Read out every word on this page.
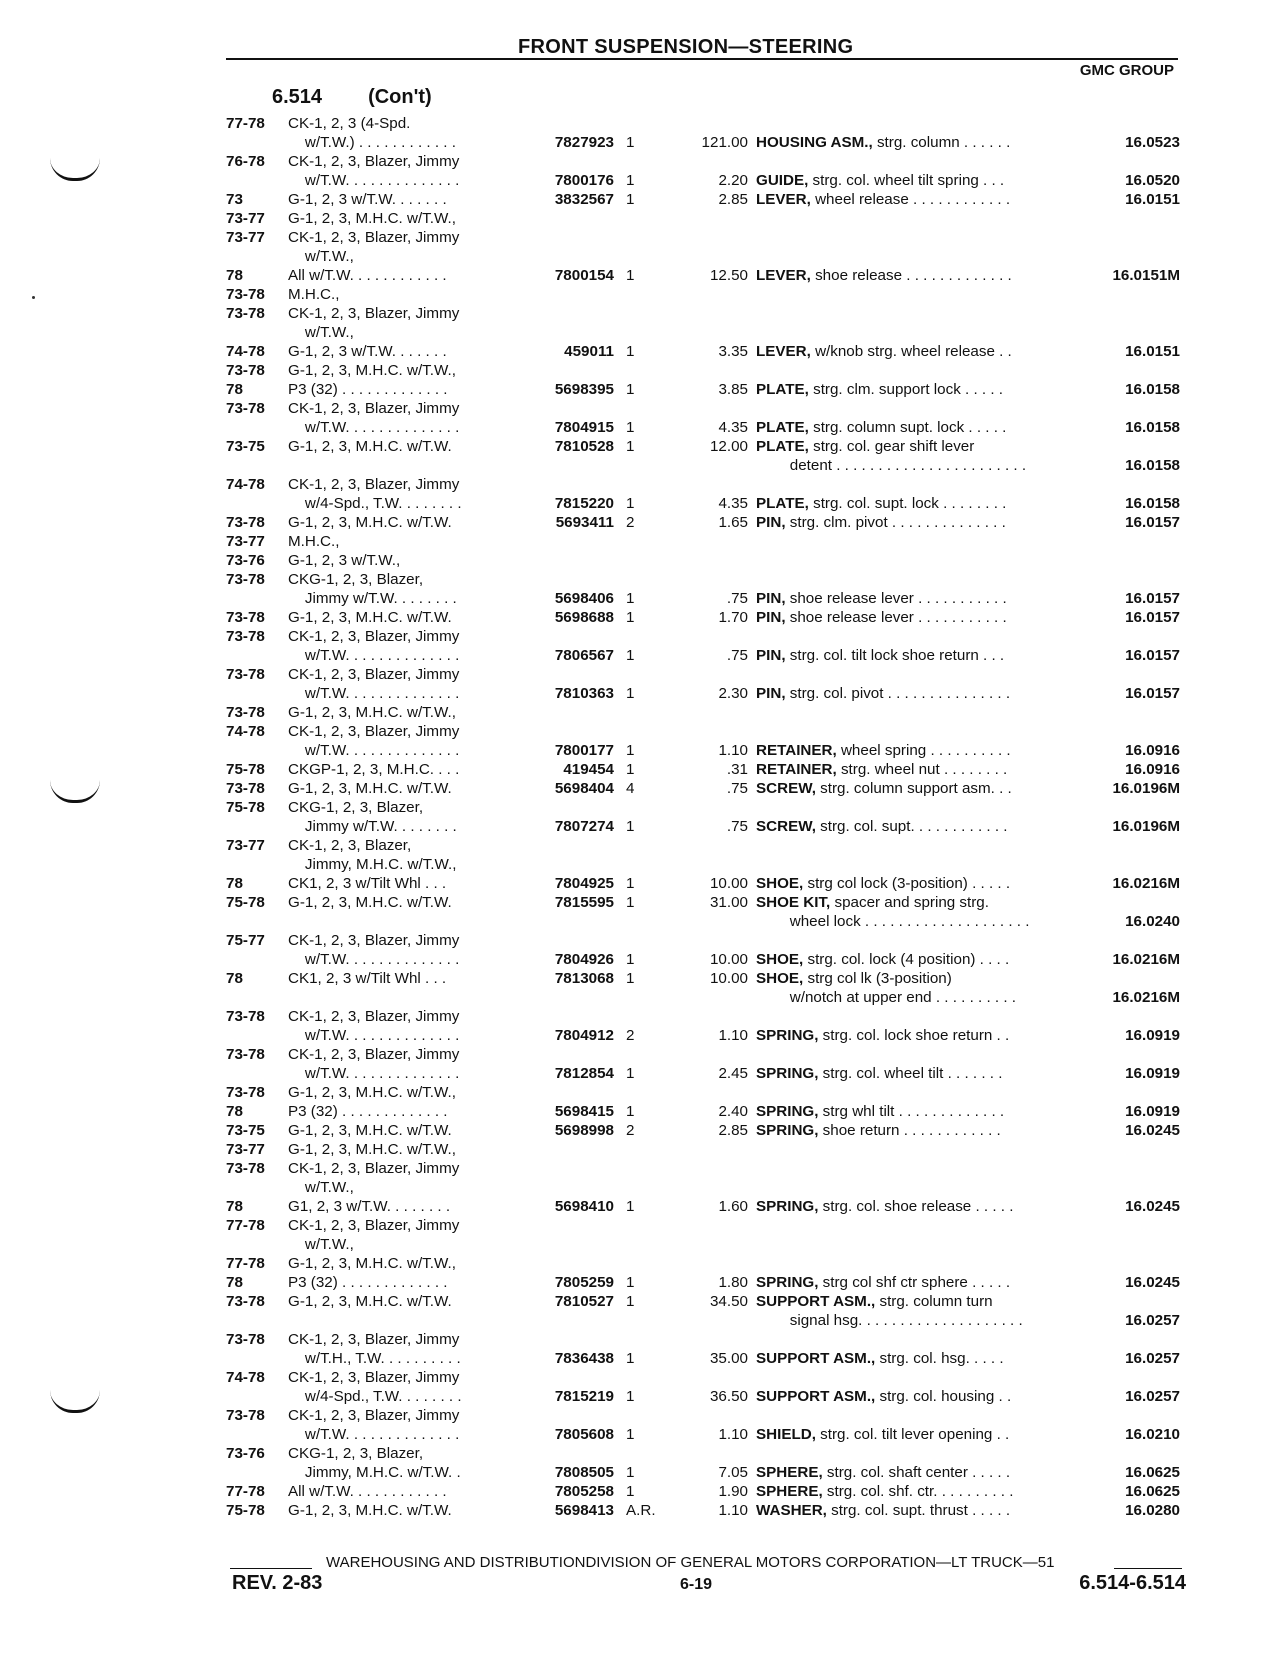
FRONT SUSPENSION—STEERING
GMC GROUP
6.514 (Con't)
77-78 CK-1, 2, 3 (4-Spd.
w/T.W.) . . . . . . . . . . . .	7827923 1	121.00 HOUSING ASM., strg. column . . . . . .	16.0523
76-78 CK-1, 2, 3, Blazer, Jimmy
w/T.W. . . . . . . . . . . . . .	7800176 1	2.20 GUIDE, strg. col. wheel tilt spring . . .	16.0520
73	G-1, 2, 3 w/T.W. . . . . . .	3832567 1	2.85 LEVER, wheel release . . . . . . . . . . . .	16.0151
73-77 G-1, 2, 3, M.H.C. w/T.W.,
73-77 CK-1, 2, 3, Blazer, Jimmy
w/T.W.,
78	All w/T.W. . . . . . . . . . . .	7800154 1	12.50 LEVER, shoe release . . . . . . . . . . . . .	16.0151M
73-78 M.H.C.,
73-78 CK-1, 2, 3, Blazer, Jimmy
w/T.W.,
74-78 G-1, 2, 3 w/T.W. . . . . . .	459011 1	3.35 LEVER, w/knob strg. wheel release . .	16.0151
73-78 G-1, 2, 3, M.H.C. w/T.W.,
78	P3 (32) . . . . . . . . . . . . .	5698395 1	3.85 PLATE, strg. clm. support lock . . . . .	16.0158
73-78 CK-1, 2, 3, Blazer, Jimmy
w/T.W. . . . . . . . . . . . . .	7804915 1	4.35 PLATE, strg. column supt. lock . . . . .	16.0158
73-75 G-1, 2, 3, M.H.C. w/T.W.	7810528 1	12.00 PLATE, strg. col. gear shift lever
detent . . . . . . . . . . . . . . . . . . . . . . .	16.0158
74-78 CK-1, 2, 3, Blazer, Jimmy
w/4-Spd., T.W. . . . . . . .	7815220 1	4.35 PLATE, strg. col. supt. lock . . . . . . . .	16.0158
73-78 G-1, 2, 3, M.H.C. w/T.W.	5693411 2	1.65 PIN, strg. clm. pivot . . . . . . . . . . . . . .	16.0157
73-77 M.H.C.,
73-76 G-1, 2, 3 w/T.W.,
73-78 CKG-1, 2, 3, Blazer,
Jimmy w/T.W. . . . . . . .	5698406 1	.75 PIN, shoe release lever . . . . . . . . . . .	16.0157
73-78 G-1, 2, 3, M.H.C. w/T.W.	5698688 1	1.70 PIN, shoe release lever . . . . . . . . . . .	16.0157
73-78 CK-1, 2, 3, Blazer, Jimmy
w/T.W. . . . . . . . . . . . . .	7806567 1	.75 PIN, strg. col. tilt lock shoe return . . .	16.0157
73-78 CK-1, 2, 3, Blazer, Jimmy
w/T.W. . . . . . . . . . . . . .	7810363 1	2.30 PIN, strg. col. pivot . . . . . . . . . . . . . . .	16.0157
73-78 G-1, 2, 3, M.H.C. w/T.W.,
74-78 CK-1, 2, 3, Blazer, Jimmy
w/T.W. . . . . . . . . . . . . .	7800177 1	1.10 RETAINER, wheel spring . . . . . . . . . .	16.0916
75-78 CKGP-1, 2, 3, M.H.C. . . .	419454 1	.31 RETAINER, strg. wheel nut . . . . . . . .	16.0916
73-78 G-1, 2, 3, M.H.C. w/T.W.	5698404 4	.75 SCREW, strg. column support asm. . .	16.0196M
75-78 CKG-1, 2, 3, Blazer,
Jimmy w/T.W. . . . . . . .	7807274 1	.75 SCREW, strg. col. supt. . . . . . . . . . . .	16.0196M
73-77 CK-1, 2, 3, Blazer,
Jimmy, M.H.C. w/T.W.,
78	CK1, 2, 3 w/Tilt Whl . . .	7804925 1	10.00 SHOE, strg col lock (3-position) . . . . .	16.0216M
75-78 G-1, 2, 3, M.H.C. w/T.W.	7815595 1	31.00 SHOE KIT, spacer and spring strg.
wheel lock . . . . . . . . . . . . . . . . . . . .	16.0240
75-77 CK-1, 2, 3, Blazer, Jimmy
w/T.W. . . . . . . . . . . . . .	7804926 1	10.00 SHOE, strg. col. lock (4 position) . . . .	16.0216M
78	CK1, 2, 3 w/Tilt Whl . . .	7813068 1	10.00 SHOE, strg col lk (3-position)
w/notch at upper end . . . . . . . . . .	16.0216M
73-78 CK-1, 2, 3, Blazer, Jimmy
w/T.W. . . . . . . . . . . . . .	7804912 2	1.10 SPRING, strg. col. lock shoe return . .	16.0919
73-78 CK-1, 2, 3, Blazer, Jimmy
w/T.W. . . . . . . . . . . . . .	7812854 1	2.45 SPRING, strg. col. wheel tilt . . . . . . .	16.0919
73-78 G-1, 2, 3, M.H.C. w/T.W.,
78	P3 (32) . . . . . . . . . . . . .	5698415 1	2.40 SPRING, strg whl tilt . . . . . . . . . . . . .	16.0919
73-75 G-1, 2, 3, M.H.C. w/T.W.	5698998 2	2.85 SPRING, shoe return . . . . . . . . . . . .	16.0245
73-77 G-1, 2, 3, M.H.C. w/T.W.,
73-78 CK-1, 2, 3, Blazer, Jimmy
w/T.W.,
78	G1, 2, 3 w/T.W. . . . . . . .	5698410 1	1.60 SPRING, strg. col. shoe release . . . . .	16.0245
77-78 CK-1, 2, 3, Blazer, Jimmy
w/T.W.,
77-78 G-1, 2, 3, M.H.C. w/T.W.,
78	P3 (32) . . . . . . . . . . . . .	7805259 1	1.80 SPRING, strg col shf ctr sphere . . . . .	16.0245
73-78 G-1, 2, 3, M.H.C. w/T.W.	7810527 1	34.50 SUPPORT ASM., strg. column turn
signal hsg. . . . . . . . . . . . . . . . . . . .	16.0257
73-78 CK-1, 2, 3, Blazer, Jimmy
w/T.H., T.W. . . . . . . . . .	7836438 1	35.00 SUPPORT ASM., strg. col. hsg. . . . .	16.0257
74-78 CK-1, 2, 3, Blazer, Jimmy
w/4-Spd., T.W. . . . . . . .	7815219 1	36.50 SUPPORT ASM., strg. col. housing . .	16.0257
73-78 CK-1, 2, 3, Blazer, Jimmy
w/T.W. . . . . . . . . . . . . .	7805608 1	1.10 SHIELD, strg. col. tilt lever opening . .	16.0210
73-76 CKG-1, 2, 3, Blazer,
Jimmy, M.H.C. w/T.W. .	7808505 1	7.05 SPHERE, strg. col. shaft center . . . . .	16.0625
77-78 All w/T.W. . . . . . . . . . . .	7805258 1	1.90 SPHERE, strg. col. shf. ctr. . . . . . . . . .	16.0625
75-78 G-1, 2, 3, M.H.C. w/T.W.	5698413 A.R.	1.10 WASHER, strg. col. supt. thrust . . . . .	16.0280
WAREHOUSING AND DISTRIBUTIONDIVISION OF GENERAL MOTORS CORPORATION—LT TRUCK—51
REV. 2-83	6-19	6.514-6.514
